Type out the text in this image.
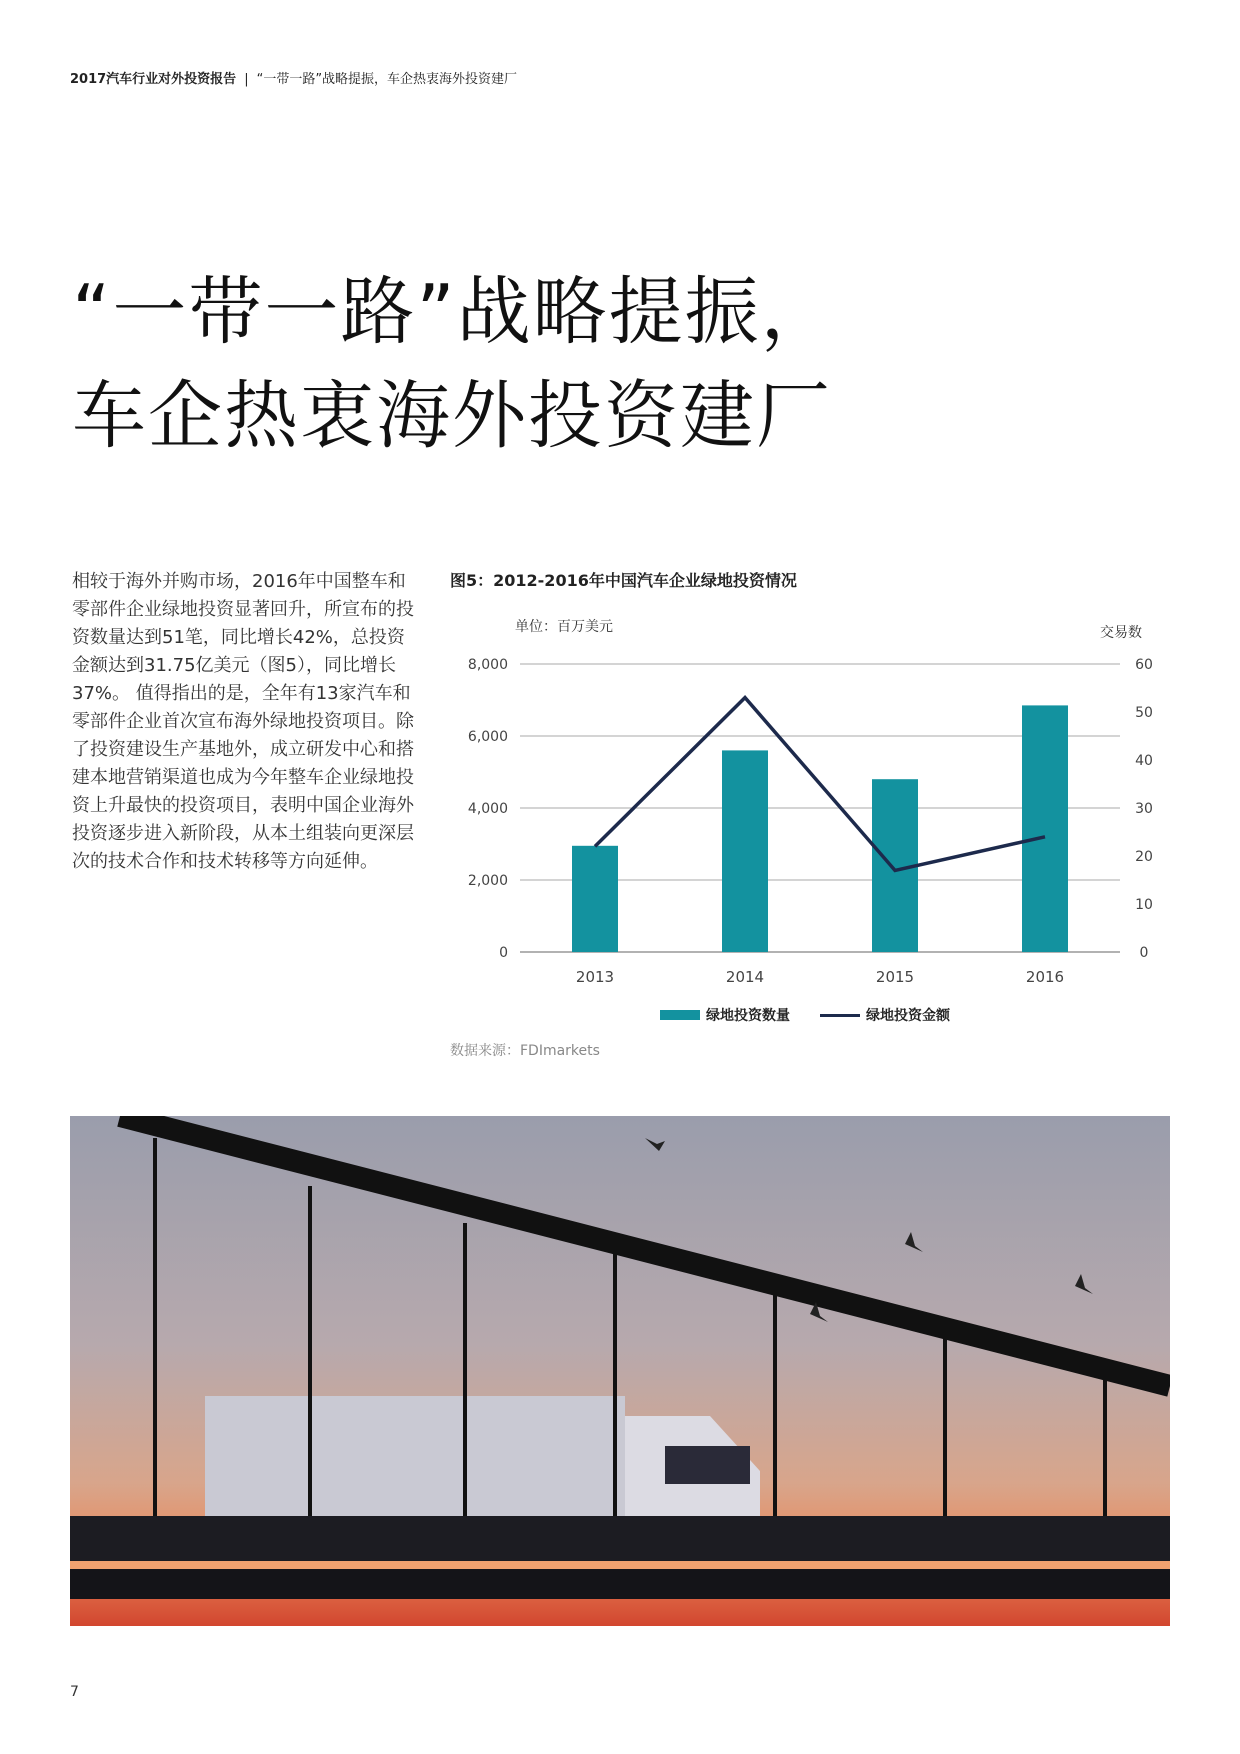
2017汽车行业对外投资报告 | “一带一路”战略提振，车企热衷海外投资建厂
“一带一路”战略提振，
车企热衷海外投资建厂
相较于海外并购市场，2016年中国整车和零部件企业绿地投资显著回升，所宣布的投资数量达到51笔，同比增长42%，总投资金额达到31.75亿美元（图5），同比增长37%。 值得指出的是，全年有13家汽车和零部件企业首次宣布海外绿地投资项目。除了投资建设生产基地外，成立研发中心和搭建本地营销渠道也成为今年整车企业绿地投资上升最快的投资项目，表明中国企业海外投资逐步进入新阶段，从本土组装向更深层次的技术合作和技术转移等方向延伸。
图5：2012-2016年中国汽车企业绿地投资情况
单位：百万美元	交易数
0
2,000
4,000
6,000
8,000
0
10
20
30
40
50
60
2013	2014	2015	2016
绿地投资数量	绿地投资金额
数据来源：FDImarkets
7
